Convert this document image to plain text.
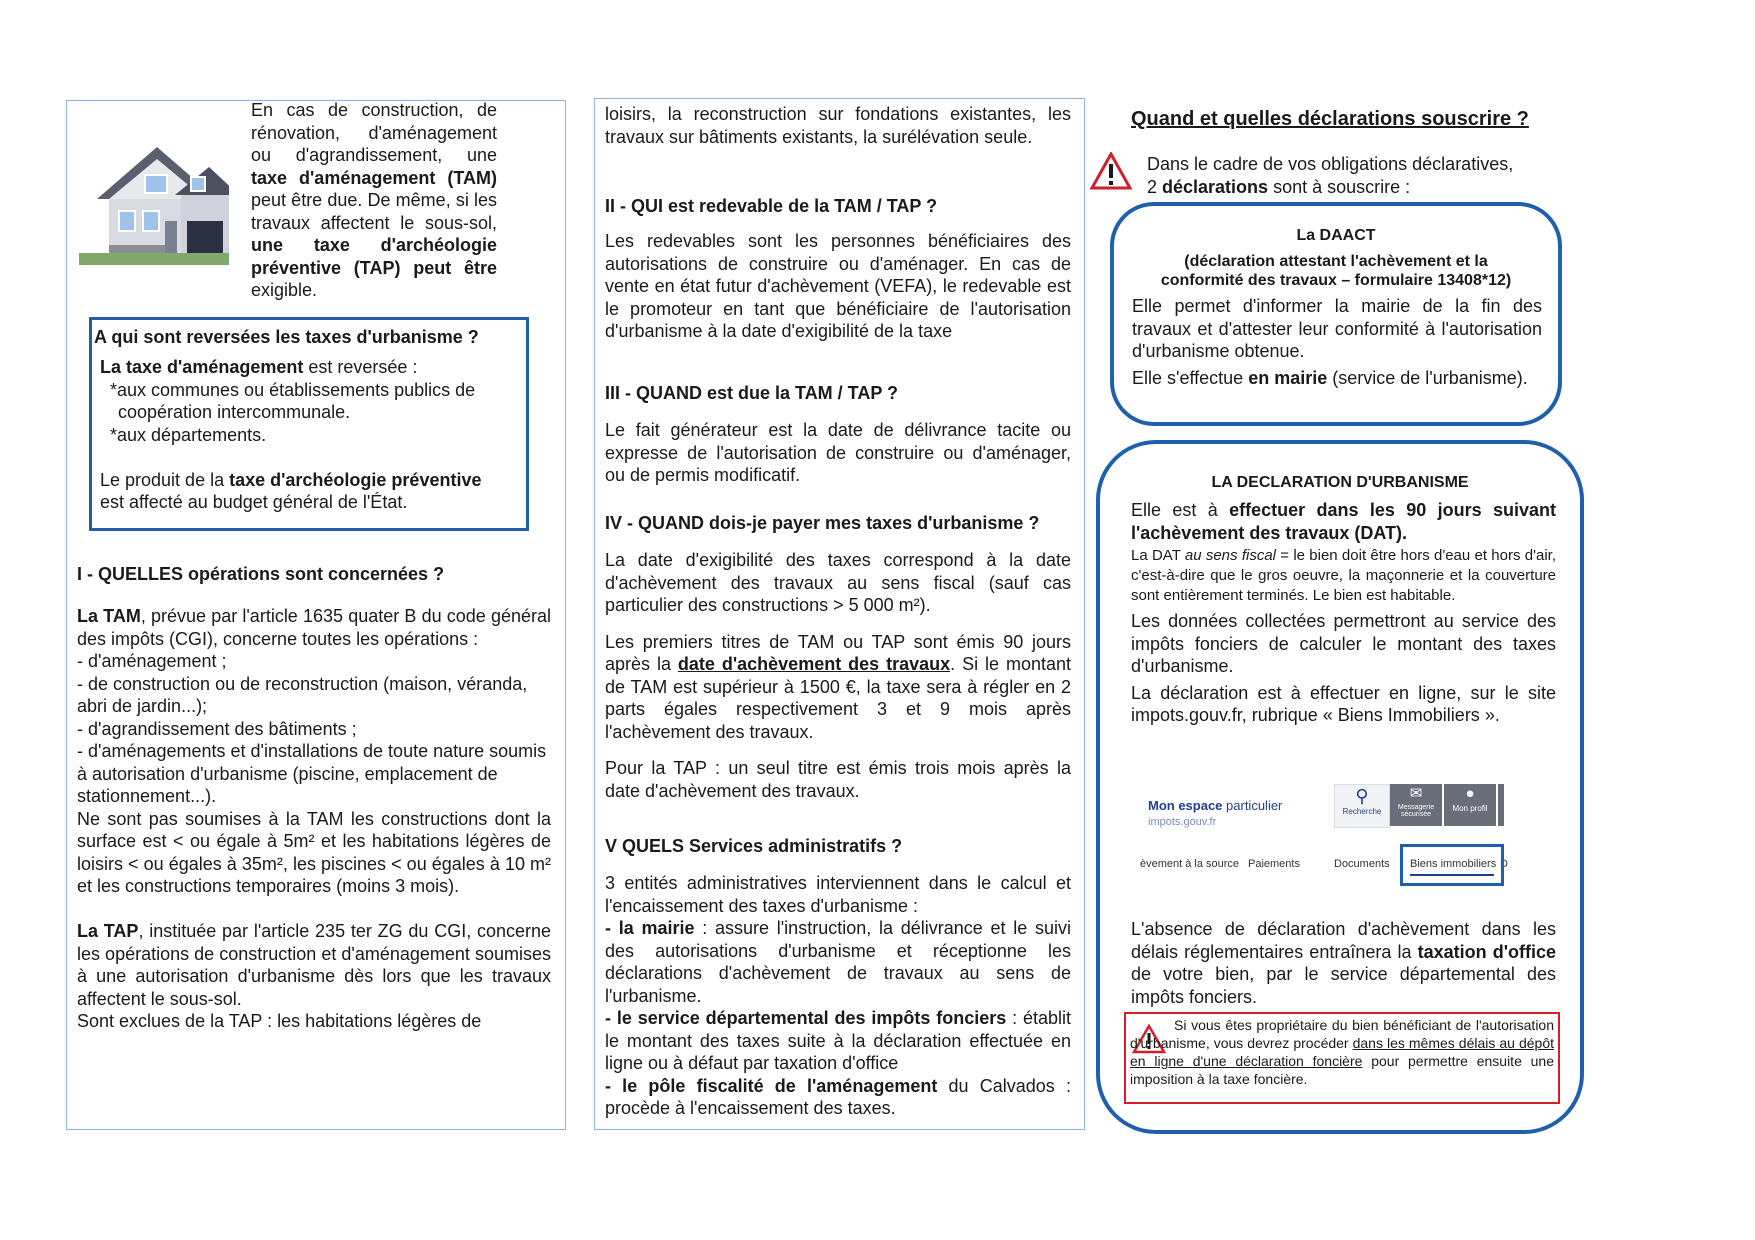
En cas de construction, de
rénovation, d'aménagement
ou d'agrandissement, une
taxe d'aménagement (TAM)
peut être due. De même, si les
travaux affectent le sous-sol,
une taxe d'archéologie
préventive (TAP) peut être
exigible.
A qui sont reversées les taxes d'urbanisme ?
La taxe d'aménagement est reversée :
*aux communes ou établissements publics de
coopération intercommunale.
*aux départements.

Le produit de la taxe d'archéologie préventive
est affecté au budget général de l'État.
I - QUELLES opérations sont concernées ?

La TAM, prévue par l'article 1635 quater B du code général des impôts (CGI), concerne toutes les opérations :

- d'aménagement ;

- de construction ou de reconstruction (maison, véranda, abri de jardin...);

- d'agrandissement des bâtiments ;

- d'aménagements et d'installations de toute nature soumis à autorisation d'urbanisme (piscine, emplacement de stationnement...).

Ne sont pas soumises à la TAM les constructions dont la surface est < ou égale à 5m² et les habitations légères de loisirs < ou égales à 35m², les piscines < ou égales à 10 m² et les constructions temporaires (moins 3 mois).

La TAP, instituée par l'article 235 ter ZG du CGI, concerne les opérations de construction et d'aménagement soumises à une autorisation d'urbanisme dès lors que les travaux affectent le sous-sol.

Sont exclues de la TAP : les habitations légères de

loisirs, la reconstruction sur fondations existantes, les travaux sur bâtiments existants, la surélévation seule.
II - QUI est redevable de la TAM / TAP ?
Les redevables sont les personnes bénéficiaires des autorisations de construire ou d'aménager. En cas de vente en état futur d'achèvement (VEFA), le redevable est le promoteur en tant que bénéficiaire de l'autorisation d'urbanisme à la date d'exigibilité de la taxe
III - QUAND est due la TAM / TAP ?
Le fait générateur est la date de délivrance tacite ou expresse de l'autorisation de construire ou d'aménager, ou de permis modificatif.
IV - QUAND dois-je payer mes taxes d'urbanisme ?

La date d'exigibilité des taxes correspond à la date d'achèvement des travaux au sens fiscal (sauf cas particulier des constructions > 5 000 m²).

Les premiers titres de TAM ou TAP sont émis 90 jours après la date d'achèvement des travaux. Si le montant de TAM est supérieur à 1500 €, la taxe sera à régler en 2 parts égales respectivement 3 et 9 mois après l'achèvement des travaux.

Pour la TAP : un seul titre est émis trois mois après la date d'achèvement des travaux.

V QUELS Services administratifs ?

3 entités administratives interviennent dans le calcul et l'encaissement des taxes d'urbanisme :

- la mairie : assure l'instruction, la délivrance et le suivi des autorisations d'urbanisme et réceptionne les déclarations d'achèvement de travaux au sens de l'urbanisme.

- le service départemental des impôts fonciers : établit le montant des taxes suite à la déclaration effectuée en ligne ou à défaut par taxation d'office

- le pôle fiscalité de l'aménagement du Calvados : procède à l'encaissement des taxes.

Quand et quelles déclarations souscrire ?
Dans le cadre de vos obligations déclaratives,
2 déclarations sont à souscrire :
La DAACT
(déclaration attestant l'achèvement et la
conformité des travaux – formulaire 13408*12)

Elle permet d'informer la mairie de la fin des travaux et d'attester leur conformité à l'autorisation d'urbanisme obtenue.

Elle s'effectue en mairie (service de l'urbanisme).

LA DECLARATION D'URBANISME

Elle est à effectuer dans les 90 jours suivant l'achèvement des travaux (DAT).

La DAT au sens fiscal = le bien doit être hors d'eau et hors d'air, c'est-à-dire que le gros oeuvre, la maçonnerie et la couverture sont entièrement terminés. Le bien est habitable.

Les données collectées permettront au service des impôts fonciers de calculer le montant des taxes d'urbanisme.

La déclaration est à effectuer en ligne, sur le site impots.gouv.fr, rubrique « Biens Immobiliers ».

Mon espace particulier
impots.gouv.fr
⚲
Recherche
✉
Messagerie sécurisée
●
Mon profil
èvement à la source Paiements	Documents Biens immobiliers D
L'absence de déclaration d'achèvement dans les délais réglementaires entraînera la taxation d'office de votre bien, par le service départemental des impôts fonciers.
Si vous êtes propriétaire du bien bénéficiant de l'autorisation d'urbanisme, vous devrez procéder dans les mêmes délais au dépôt en ligne d'une déclaration foncière pour permettre ensuite une imposition à la taxe foncière.
